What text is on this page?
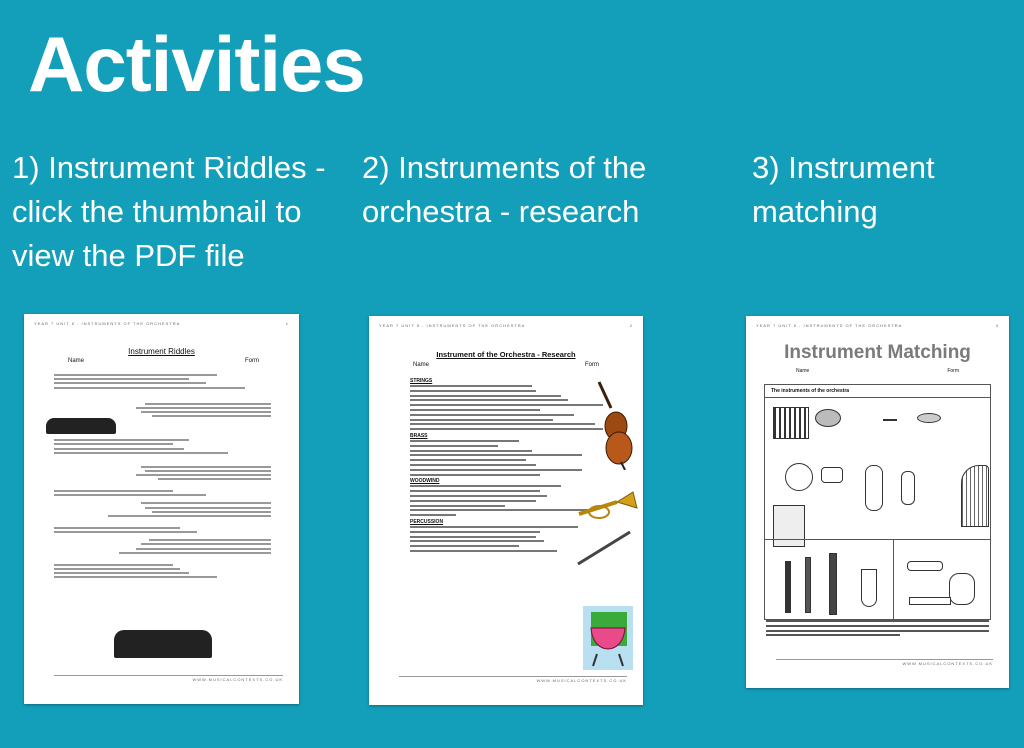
Activities
1) Instrument Riddles - click the thumbnail to view the PDF file
2) Instruments of the orchestra - research
3) Instrument matching
YEAR 7 UNIT 5 - INSTRUMENTS OF THE ORCHESTRA	1
Instrument Riddles
Name	Form
WWW.MUSICALCONTEXTS.CO.UK
YEAR 7 UNIT 5 - INSTRUMENTS OF THE ORCHESTRA	2
Instrument of the Orchestra - Research
Name	Form
STRINGS
BRASS
WOODWIND
PERCUSSION
WWW.MUSICALCONTEXTS.CO.UK
YEAR 7 UNIT 5 - INSTRUMENTS OF THE ORCHESTRA	3
Instrument Matching
Name	Form
The instruments of the orchestra
WWW.MUSICALCONTEXTS.CO.UK
